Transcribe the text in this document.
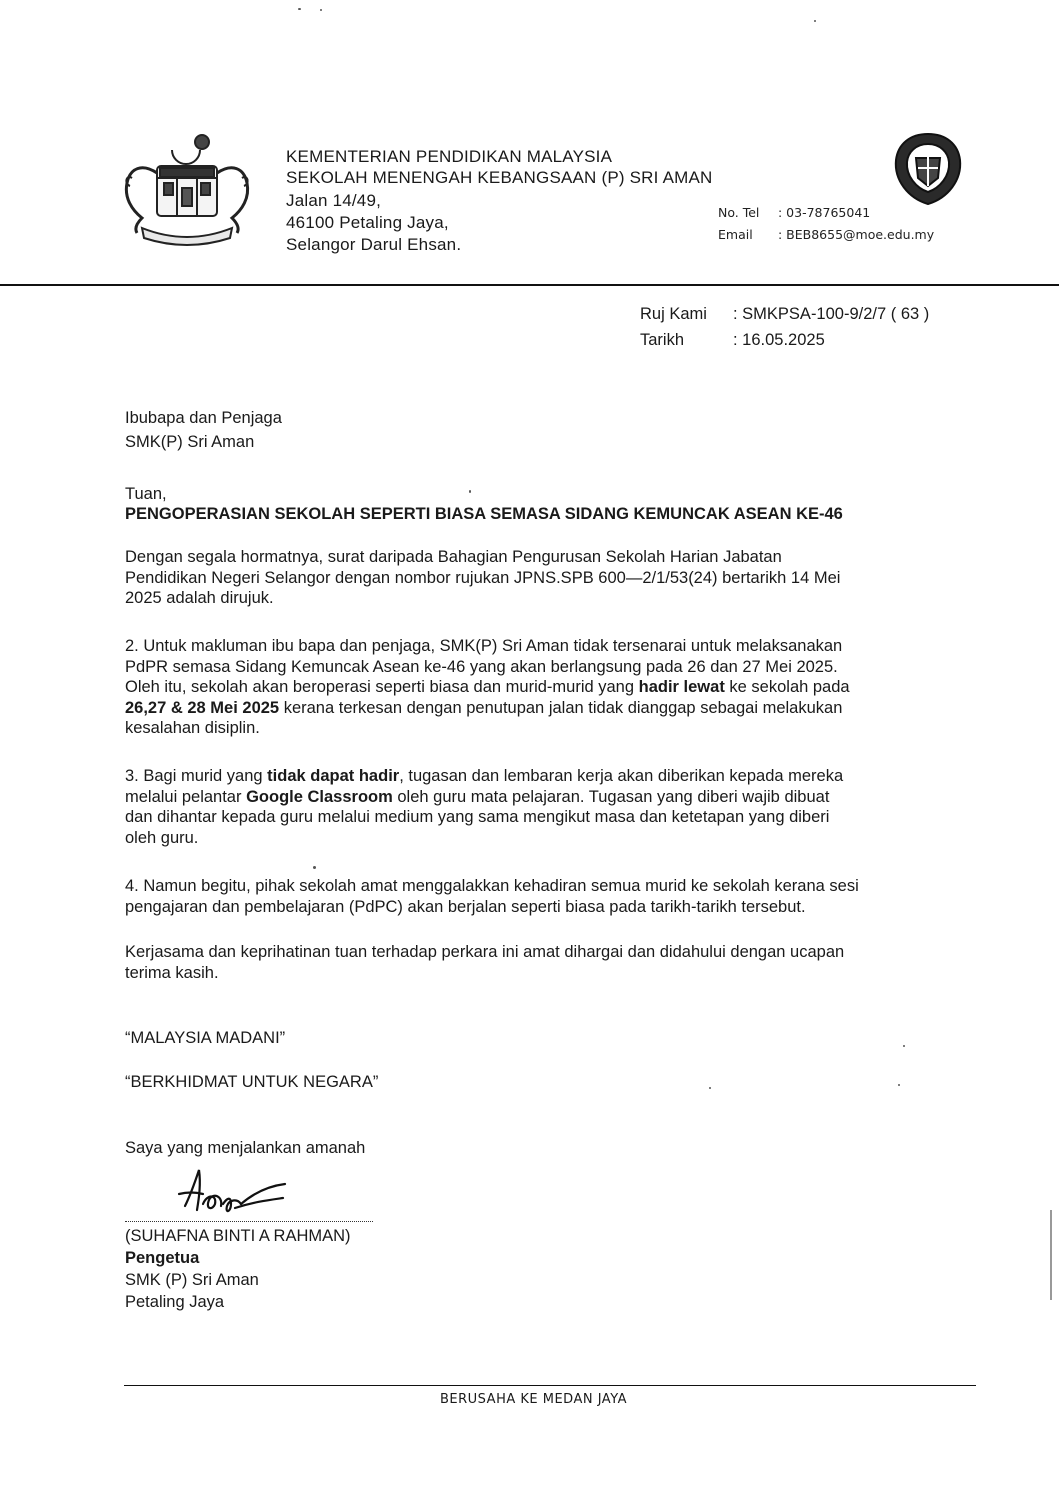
KEMENTERIAN PENDIDIKAN MALAYSIA
SEKOLAH MENENGAH KEBANGSAAN (P) SRI AMAN
Jalan 14/49,
46100 Petaling Jaya,
Selangor Darul Ehsan.
No. Tel : 03-78765041
Email : BEB8655@moe.edu.my
Ruj Kami : SMKPSA-100-9/2/7 ( 63 )
Tarikh	: 16.05.2025
Ibubapa dan Penjaga
SMK(P) Sri Aman
Tuan,
PENGOPERASIAN SEKOLAH SEPERTI BIASA SEMASA SIDANG KEMUNCAK ASEAN KE-46
Dengan segala hormatnya, surat daripada Bahagian Pengurusan Sekolah Harian Jabatan
Pendidikan Negeri Selangor dengan nombor rujukan JPNS.SPB 600—2/1/53(24) bertarikh 14 Mei
2025 adalah dirujuk.
2. Untuk makluman ibu bapa dan penjaga, SMK(P) Sri Aman tidak tersenarai untuk melaksanakan
PdPR semasa Sidang Kemuncak Asean ke-46 yang akan berlangsung pada 26 dan 27 Mei 2025.
Oleh itu, sekolah akan beroperasi seperti biasa dan murid-murid yang hadir lewat ke sekolah pada
26,27 & 28 Mei 2025 kerana terkesan dengan penutupan jalan tidak dianggap sebagai melakukan
kesalahan disiplin.
3. Bagi murid yang tidak dapat hadir, tugasan dan lembaran kerja akan diberikan kepada mereka
melalui pelantar Google Classroom oleh guru mata pelajaran. Tugasan yang diberi wajib dibuat
dan dihantar kepada guru melalui medium yang sama mengikut masa dan ketetapan yang diberi
oleh guru.
4. Namun begitu, pihak sekolah amat menggalakkan kehadiran semua murid ke sekolah kerana sesi
pengajaran dan pembelajaran (PdPC) akan berjalan seperti biasa pada tarikh-tarikh tersebut.
Kerjasama dan keprihatinan tuan terhadap perkara ini amat dihargai dan didahului dengan ucapan
terima kasih.
“MALAYSIA MADANI”
“BERKHIDMAT UNTUK NEGARA”
Saya yang menjalankan amanah
(SUHAFNA BINTI A RAHMAN)
Pengetua
SMK (P) Sri Aman
Petaling Jaya
BERUSAHA KE MEDAN JAYA
